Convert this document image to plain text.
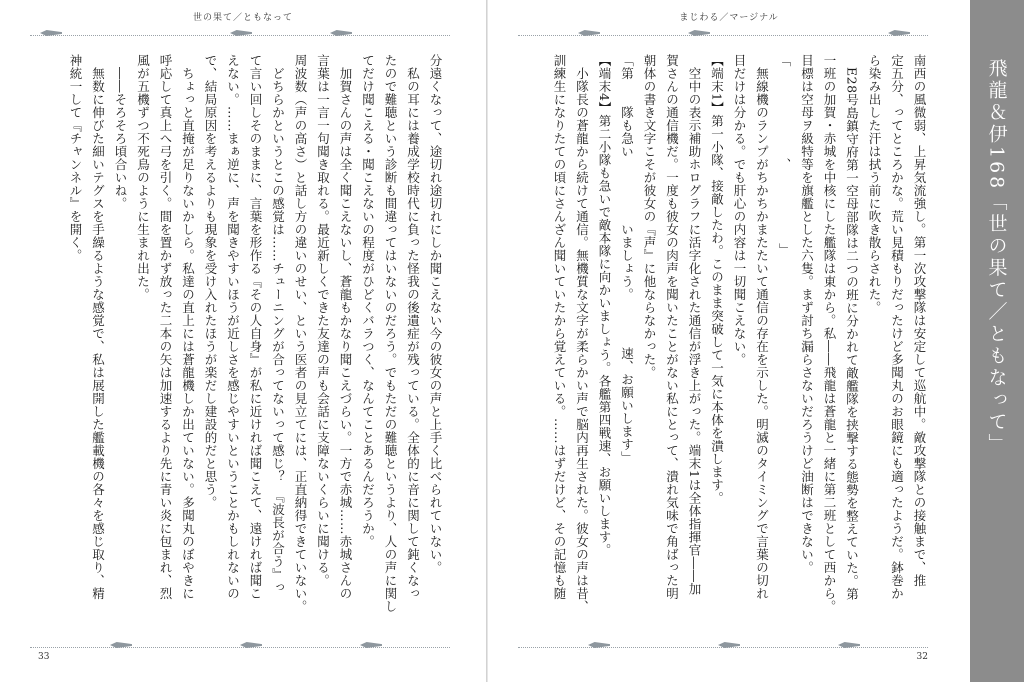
世の果て／ともなって

分遠くなって、途切れ途切れにしか聞こえない今の彼女の声と上手く比べられていない。

　私の耳には養成学校時代に負った怪我の後遺症が残っている。全体的に音に関して鈍くなっ

たので難聴という診断も間違ってはいないのだろう。でもただの難聴というより、人の声に関し

てだけ聞こえる・聞こえないの程度がひどくバラつく、なんてことあるんだろうか。

　加賀さんの声は全く聞こえないし、蒼龍もかなり聞こえづらい。一方で赤城……赤城さんの

言葉は一言一句聞き取れる。最近新しくできた友達の声も会話に支障ないくらいに聞ける。

周波数（声の高さ）と話し方の違いのせい、という医者の見立てには、正直納得できていない。

　どちらかというとこの感覚は……チューニングが合ってないって感じ？　『波長が合う』っ

て言い回しそのままに、言葉を形作る『その人自身』が私に近ければ聞こえて、遠ければ聞こ

えない。……まぁ逆に、声を聞きやすいほうが近しさを感じやすいということかもしれないの

で、結局原因を考えるよりも現象を受け入れたほうが楽だし建設的だと思う。

　ちょっと直掩が足りないかしら。私達の直上には蒼龍機しか出ていない。多聞丸のぼやきに

呼応して真上へ弓を引く。間を置かず放った二本の矢は加速するより先に青い炎に包まれ、烈

風が五機ずつ不死鳥のように生まれ出た。

　――そろそろ頃合いね。

　無数に伸びた細いテグスを手繰るような感覚で、私は展開した艦載機の各々を感じ取り、精

神統一して『チャンネル』を開く。

33
まじわる／マージナル

南西の風微弱、上昇気流強し。第一次攻撃隊は安定して巡航中。敵攻撃隊との接触まで、推

定五分、ってところかな。荒い見積もりだったけど多聞丸のお眼鏡にも適ったようだ。鉢巻か

ら染み出した汗は拭う前に吹き散らされた。

　E28号島鎮守府第一空母部隊は二つの班に分かれて敵艦隊を挟撃する態勢を整えていた。第

一班の加賀・赤城を中核にした艦隊は東から。私――飛龍は蒼龍と一緒に第二班として西から。

目標は空母ヲ級特等を旗艦とした六隻。まず討ち漏らさないだろうけど油断はできない。

「　　　　　　　、　　　　　　」

　無線機のランプがちかちかまたたいて通信の存在を示した。明滅のタイミングで言葉の切れ

目だけは分かる。でも肝心の内容は一切聞こえない。

【端末1】第一小隊、接敵したわ。このまま突破して一気に本体を潰します。

　空中の表示補助ホログラフに活字化された通信が浮き上がった。端末1は全体指揮官――加

賀さんの通信機だ。一度も彼女の肉声を聞いたことがない私にとって、潰れ気味で角ばった明

朝体の書き文字こそが彼女の『声』に他ならなかった。

「第　　隊も急い　　　　　いましょう。　　　　速、お願いします」

【端末4】第二小隊も急いで敵本隊に向かいましょう。各艦第四戦速、お願いします。

　小隊長の蒼龍から続けて通信。無機質な文字が柔らかい声で脳内再生された。彼女の声は昔、

訓練生になりたての頃にさんざん聞いていたから覚えている。……はずだけど、その記憶も随

32
飛龍＆伊168「世の果て／ともなって」
